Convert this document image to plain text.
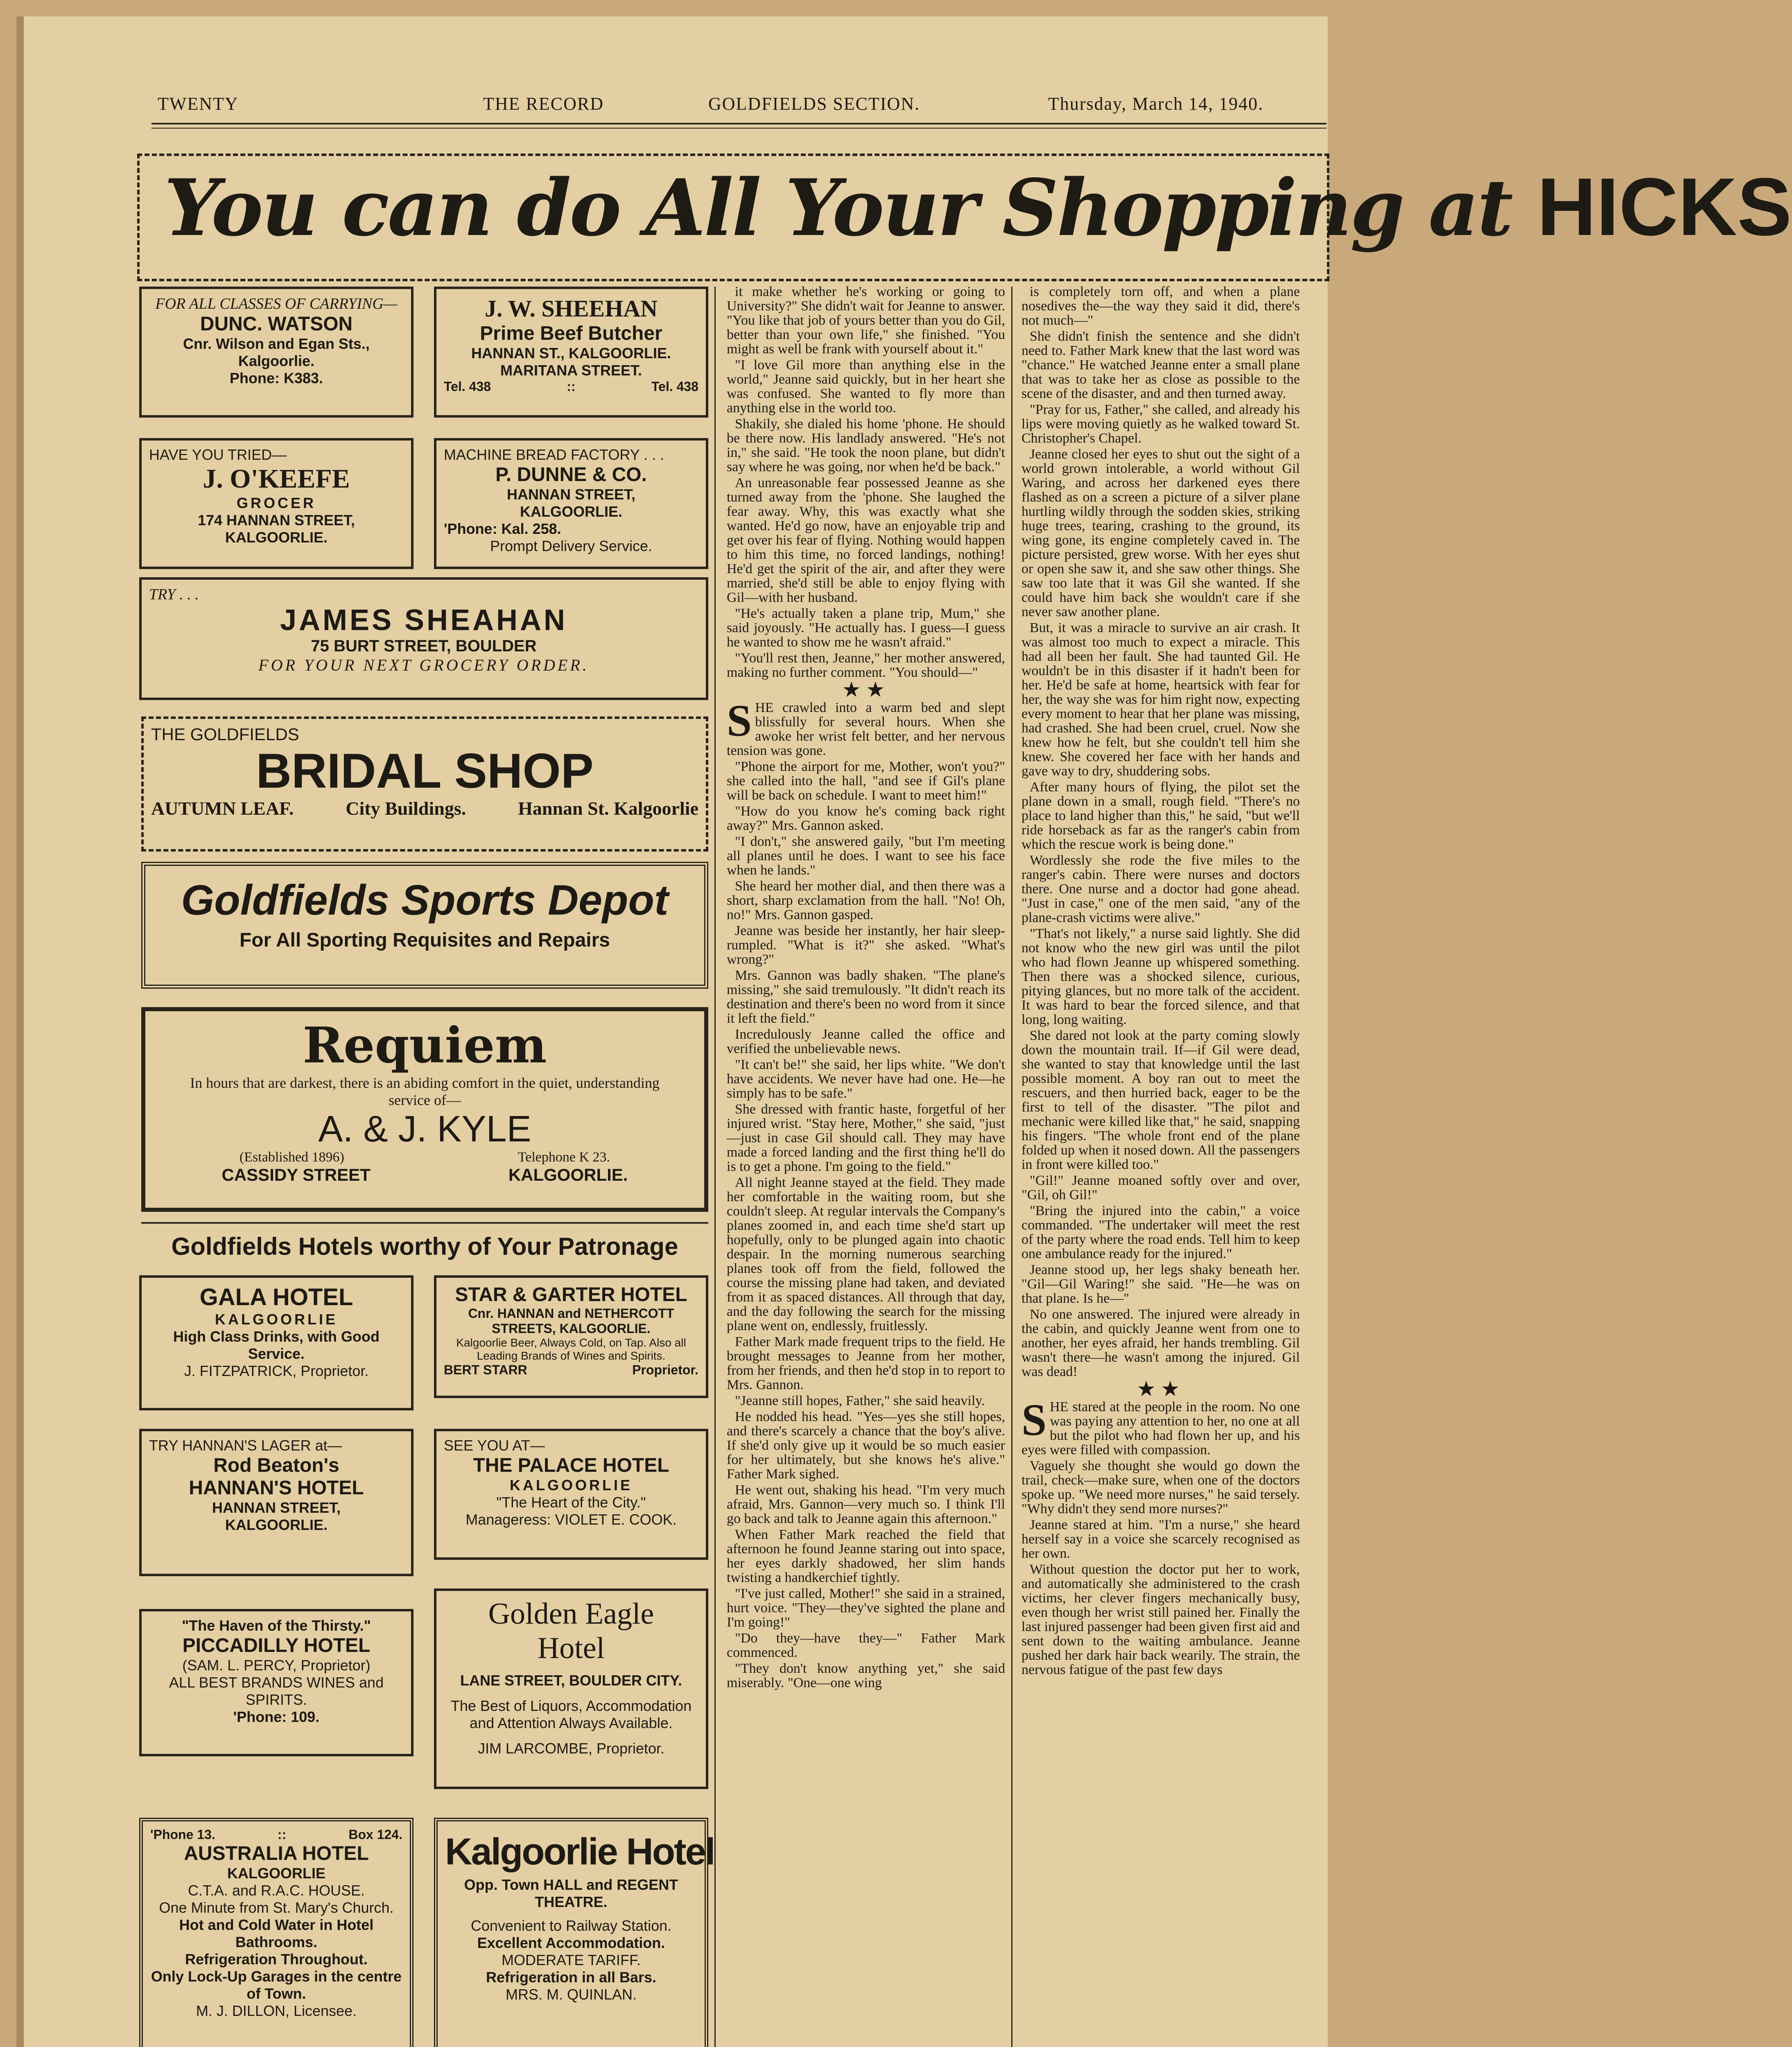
TWENTY	THE RECORD	GOLDFIELDS SECTION.	Thursday, March 14, 1940.
You can do All Your Shopping at HICKS
FOR ALL CLASSES OF CARRYING—
DUNC. WATSON
Cnr. Wilson and Egan Sts.,
Kalgoorlie.
Phone: K383.
J. W. SHEEHAN
Prime Beef Butcher
HANNAN ST., KALGOORLIE.
MARITANA STREET.
Tel. 438	::	Tel. 438
HAVE YOU TRIED—
J. O'KEEFE
GROCER
174 HANNAN STREET,
KALGOORLIE.
MACHINE BREAD FACTORY . . .
P. DUNNE & CO.
HANNAN STREET,
KALGOORLIE.
'Phone: Kal. 258.
Prompt Delivery Service.
TRY . . .
JAMES SHEAHAN
75 BURT STREET, BOULDER
FOR YOUR NEXT GROCERY ORDER.
THE GOLDFIELDS
BRIDAL SHOP
AUTUMN LEAF.	City Buildings.	Hannan St. Kalgoorlie
Goldfields Sports Depot
For All Sporting Requisites and Repairs
Requiem
In hours that are darkest, there is an abiding comfort in the quiet, understanding service of—
A. & J. KYLE
(Established 1896)	Telephone K 23.
CASSIDY STREET	KALGOORLIE.
Goldfields Hotels worthy of Your Patronage
GALA HOTEL
KALGOORLIE
High Class Drinks, with Good Service.
J. FITZPATRICK, Proprietor.
STAR & GARTER HOTEL
Cnr. HANNAN and NETHERCOTT STREETS, KALGOORLIE.
Kalgoorlie Beer, Always Cold, on Tap. Also all Leading Brands of Wines and Spirits.
BERT STARR	Proprietor.
TRY HANNAN'S LAGER at—
Rod Beaton's
HANNAN'S HOTEL
HANNAN STREET,
KALGOORLIE.
SEE YOU AT—
THE PALACE HOTEL
KALGOORLIE
"The Heart of the City."
Manageress: VIOLET E. COOK.
"The Haven of the Thirsty."
PICCADILLY HOTEL
(SAM. L. PERCY, Proprietor)
ALL BEST BRANDS WINES and SPIRITS.
'Phone: 109.
Golden Eagle
Hotel
LANE STREET, BOULDER CITY.
The Best of Liquors, Accommodation and Attention Always Available.
JIM LARCOMBE, Proprietor.
'Phone 13.	::	Box 124.
AUSTRALIA HOTEL
KALGOORLIE
C.T.A. and R.A.C. HOUSE.
One Minute from St. Mary's Church.
Hot and Cold Water in Hotel Bathrooms.
Refrigeration Throughout.
Only Lock-Up Garages in the centre of Town.
M. J. DILLON, Licensee.
Kalgoorlie Hotel
Opp. Town HALL and REGENT THEATRE.
Convenient to Railway Station.
Excellent Accommodation.
MODERATE TARIFF.
Refrigeration in all Bars.
MRS. M. QUINLAN.

it make whether he's working or going to University?" She didn't wait for Jeanne to answer. "You like that job of yours better than you do Gil, better than your own life," she finished. "You might as well be frank with yourself about it."

"I love Gil more than anything else in the world," Jeanne said quickly, but in her heart she was confused. She wanted to fly more than anything else in the world too.

Shakily, she dialed his home 'phone. He should be there now. His landlady answered. "He's not in," she said. "He took the noon plane, but didn't say where he was going, nor when he'd be back."

An unreasonable fear possessed Jeanne as she turned away from the 'phone. She laughed the fear away. Why, this was exactly what she wanted. He'd go now, have an enjoyable trip and get over his fear of flying. Nothing would happen to him this time, no forced landings, nothing! He'd get the spirit of the air, and after they were married, she'd still be able to enjoy flying with Gil—with her husband.

"He's actually taken a plane trip, Mum," she said joyously. "He actually has. I guess—I guess he wanted to show me he wasn't afraid."

"You'll rest then, Jeanne," her mother answered, making no further comment. "You should—"

★★

SHE crawled into a warm bed and slept blissfully for several hours. When she awoke her wrist felt better, and her nervous tension was gone.

"Phone the airport for me, Mother, won't you?" she called into the hall, "and see if Gil's plane will be back on schedule. I want to meet him!"

"How do you know he's coming back right away?" Mrs. Gannon asked.

"I don't," she answered gaily, "but I'm meeting all planes until he does. I want to see his face when he lands."

She heard her mother dial, and then there was a short, sharp exclamation from the hall. "No! Oh, no!" Mrs. Gannon gasped.

Jeanne was beside her instantly, her hair sleep-rumpled. "What is it?" she asked. "What's wrong?"

Mrs. Gannon was badly shaken. "The plane's missing," she said tremulously. "It didn't reach its destination and there's been no word from it since it left the field."

Incredulously Jeanne called the office and verified the unbelievable news.

"It can't be!" she said, her lips white. "We don't have accidents. We never have had one. He—he simply has to be safe."

She dressed with frantic haste, forgetful of her injured wrist. "Stay here, Mother," she said, "just—just in case Gil should call. They may have made a forced landing and the first thing he'll do is to get a phone. I'm going to the field."

All night Jeanne stayed at the field. They made her comfortable in the waiting room, but she couldn't sleep. At regular intervals the Company's planes zoomed in, and each time she'd start up hopefully, only to be plunged again into chaotic despair. In the morning numerous searching planes took off from the field, followed the course the missing plane had taken, and deviated from it as spaced distances. All through that day, and the day following the search for the missing plane went on, endlessly, fruitlessly.

Father Mark made frequent trips to the field. He brought messages to Jeanne from her mother, from her friends, and then he'd stop in to report to Mrs. Gannon.

"Jeanne still hopes, Father," she said heavily.

He nodded his head. "Yes—yes she still hopes, and there's scarcely a chance that the boy's alive. If she'd only give up it would be so much easier for her ultimately, but she knows he's alive." Father Mark sighed.

He went out, shaking his head. "I'm very much afraid, Mrs. Gannon—very much so. I think I'll go back and talk to Jeanne again this afternoon."

When Father Mark reached the field that afternoon he found Jeanne staring out into space, her eyes darkly shadowed, her slim hands twisting a handkerchief tightly.

"I've just called, Mother!" she said in a strained, hurt voice. "They—they've sighted the plane and I'm going!"

"Do they—have they—" Father Mark commenced.

"They don't know anything yet," she said miserably. "One—one wing

is completely torn off, and when a plane nosedives the—the way they said it did, there's not much—"

She didn't finish the sentence and she didn't need to. Father Mark knew that the last word was "chance." He watched Jeanne enter a small plane that was to take her as close as possible to the scene of the disaster, and and then turned away.

"Pray for us, Father," she called, and already his lips were moving quietly as he walked toward St. Christopher's Chapel.

Jeanne closed her eyes to shut out the sight of a world grown intolerable, a world without Gil Waring, and across her darkened eyes there flashed as on a screen a picture of a silver plane hurtling wildly through the sodden skies, striking huge trees, tearing, crashing to the ground, its wing gone, its engine completely caved in. The picture persisted, grew worse. With her eyes shut or open she saw it, and she saw other things. She saw too late that it was Gil she wanted. If she could have him back she wouldn't care if she never saw another plane.

But, it was a miracle to survive an air crash. It was almost too much to expect a miracle. This had all been her fault. She had taunted Gil. He wouldn't be in this disaster if it hadn't been for her. He'd be safe at home, heartsick with fear for her, the way she was for him right now, expecting every moment to hear that her plane was missing, had crashed. She had been cruel, cruel. Now she knew how he felt, but she couldn't tell him she knew. She covered her face with her hands and gave way to dry, shuddering sobs.

After many hours of flying, the pilot set the plane down in a small, rough field. "There's no place to land higher than this," he said, "but we'll ride horseback as far as the ranger's cabin from which the rescue work is being done."

Wordlessly she rode the five miles to the ranger's cabin. There were nurses and doctors there. One nurse and a doctor had gone ahead. "Just in case," one of the men said, "any of the plane-crash victims were alive."

"That's not likely," a nurse said lightly. She did not know who the new girl was until the pilot who had flown Jeanne up whispered something. Then there was a shocked silence, curious, pitying glances, but no more talk of the accident. It was hard to bear the forced silence, and that long, long waiting.

She dared not look at the party coming slowly down the mountain trail. If—if Gil were dead, she wanted to stay that knowledge until the last possible moment. A boy ran out to meet the rescuers, and then hurried back, eager to be the first to tell of the disaster. "The pilot and mechanic were killed like that," he said, snapping his fingers. "The whole front end of the plane folded up when it nosed down. All the passengers in front were killed too."

"Gil!" Jeanne moaned softly over and over, "Gil, oh Gil!"

"Bring the injured into the cabin," a voice commanded. "The undertaker will meet the rest of the party where the road ends. Tell him to keep one ambulance ready for the injured."

Jeanne stood up, her legs shaky beneath her. "Gil—Gil Waring!" she said. "He—he was on that plane. Is he—"

No one answered. The injured were already in the cabin, and quickly Jeanne went from one to another, her eyes afraid, her hands trembling. Gil wasn't there—he wasn't among the injured. Gil was dead!

★★

SHE stared at the people in the room. No one was paying any attention to her, no one at all but the pilot who had flown her up, and his eyes were filled with compassion.

Vaguely she thought she would go down the trail, check—make sure, when one of the doctors spoke up. "We need more nurses," he said tersely. "Why didn't they send more nurses?"

Jeanne stared at him. "I'm a nurse," she heard herself say in a voice she scarcely recognised as her own.

Without question the doctor put her to work, and automatically she administered to the crash victims, her clever fingers mechanically busy, even though her wrist still pained her. Finally the last injured passenger had been given first aid and sent down to the waiting ambulance. Jeanne pushed her dark hair back wearily. The strain, the nervous fatigue of the past few days
